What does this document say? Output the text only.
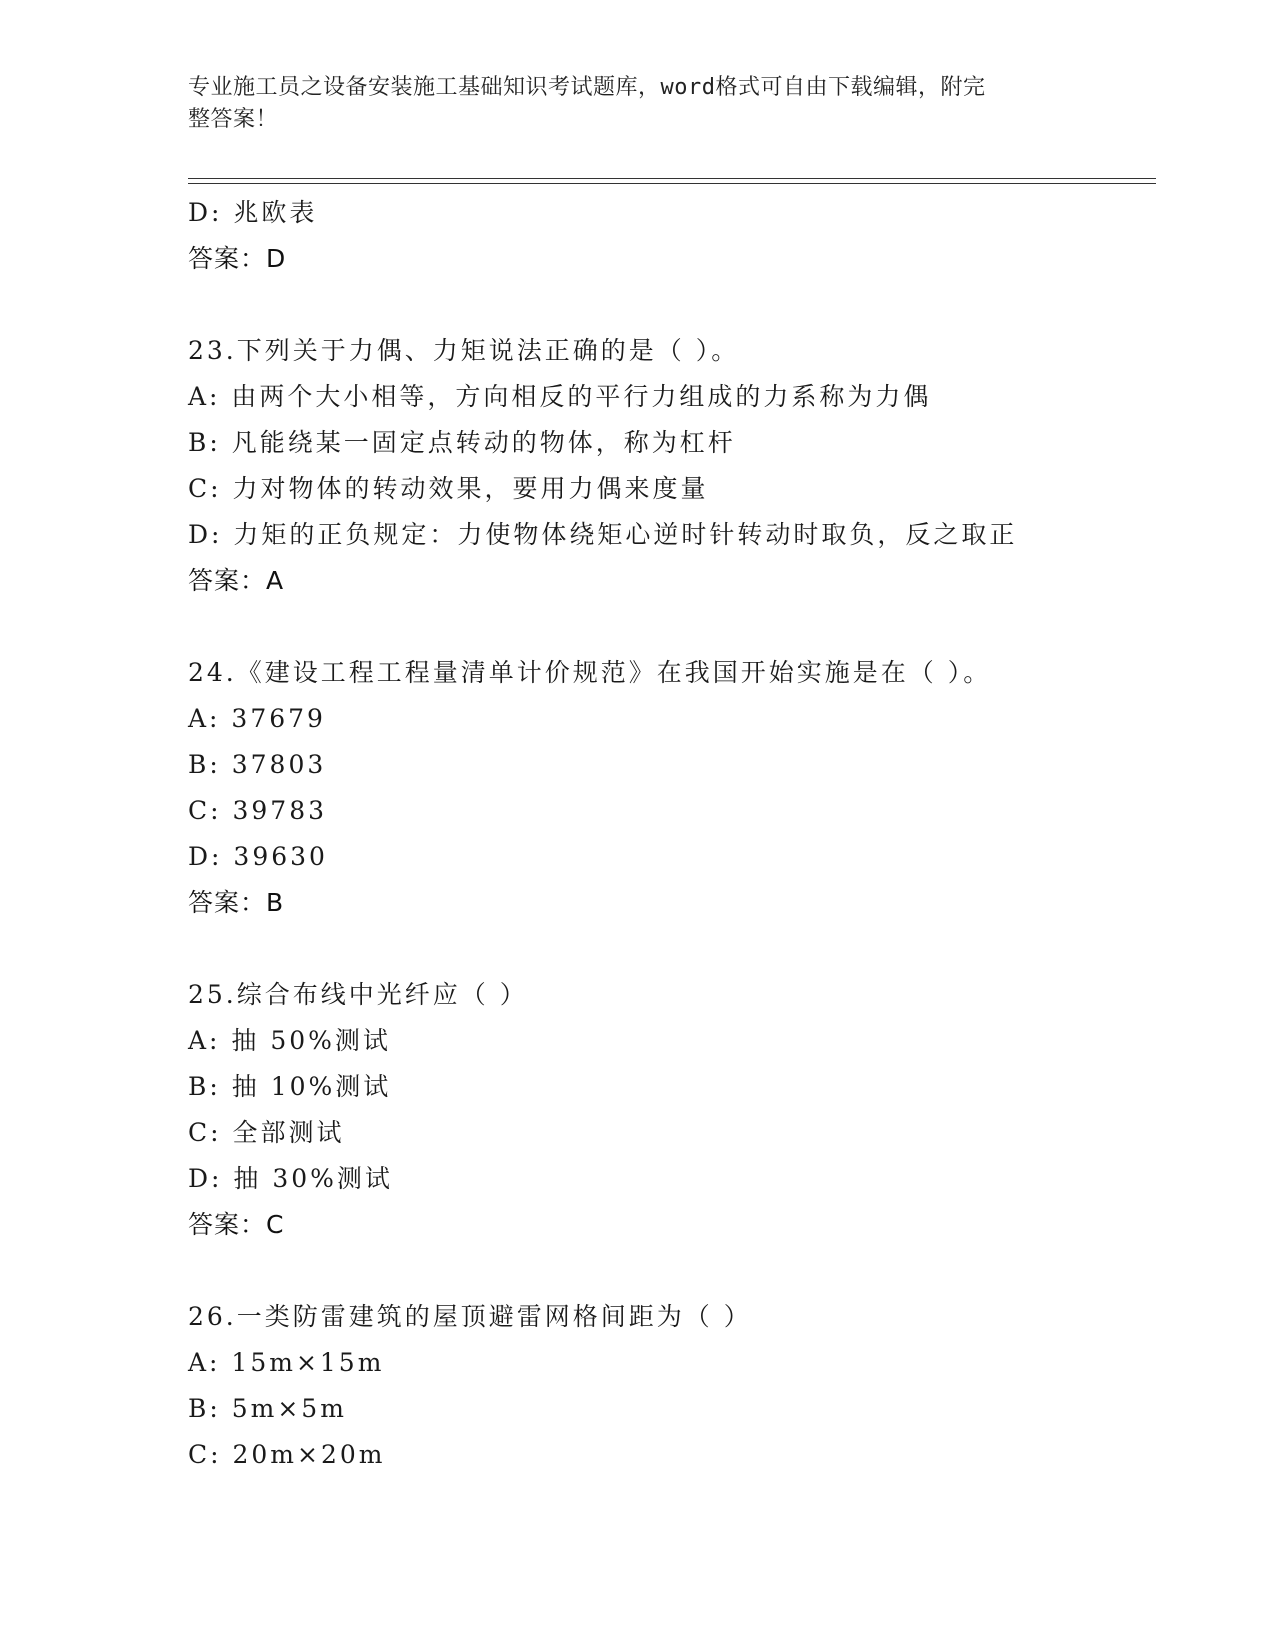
专业施工员之设备安装施工基础知识考试题库，word格式可自由下载编辑，附完
整答案！
D: 兆欧表
答案：D
23.下列关于力偶、力矩说法正确的是（ ）。
A: 由两个大小相等，方向相反的平行力组成的力系称为力偶
B: 凡能绕某一固定点转动的物体，称为杠杆
C: 力对物体的转动效果，要用力偶来度量
D: 力矩的正负规定：力使物体绕矩心逆时针转动时取负，反之取正
答案：A
24.《建设工程工程量清单计价规范》在我国开始实施是在（ ）。
A: 37679
B: 37803
C: 39783
D: 39630
答案：B
25.综合布线中光纤应（ ）
A: 抽 50%测试
B: 抽 10%测试
C: 全部测试
D: 抽 30%测试
答案：C
26.一类防雷建筑的屋顶避雷网格间距为（ ）
A: 15m×15m
B: 5m×5m
C: 20m×20m
